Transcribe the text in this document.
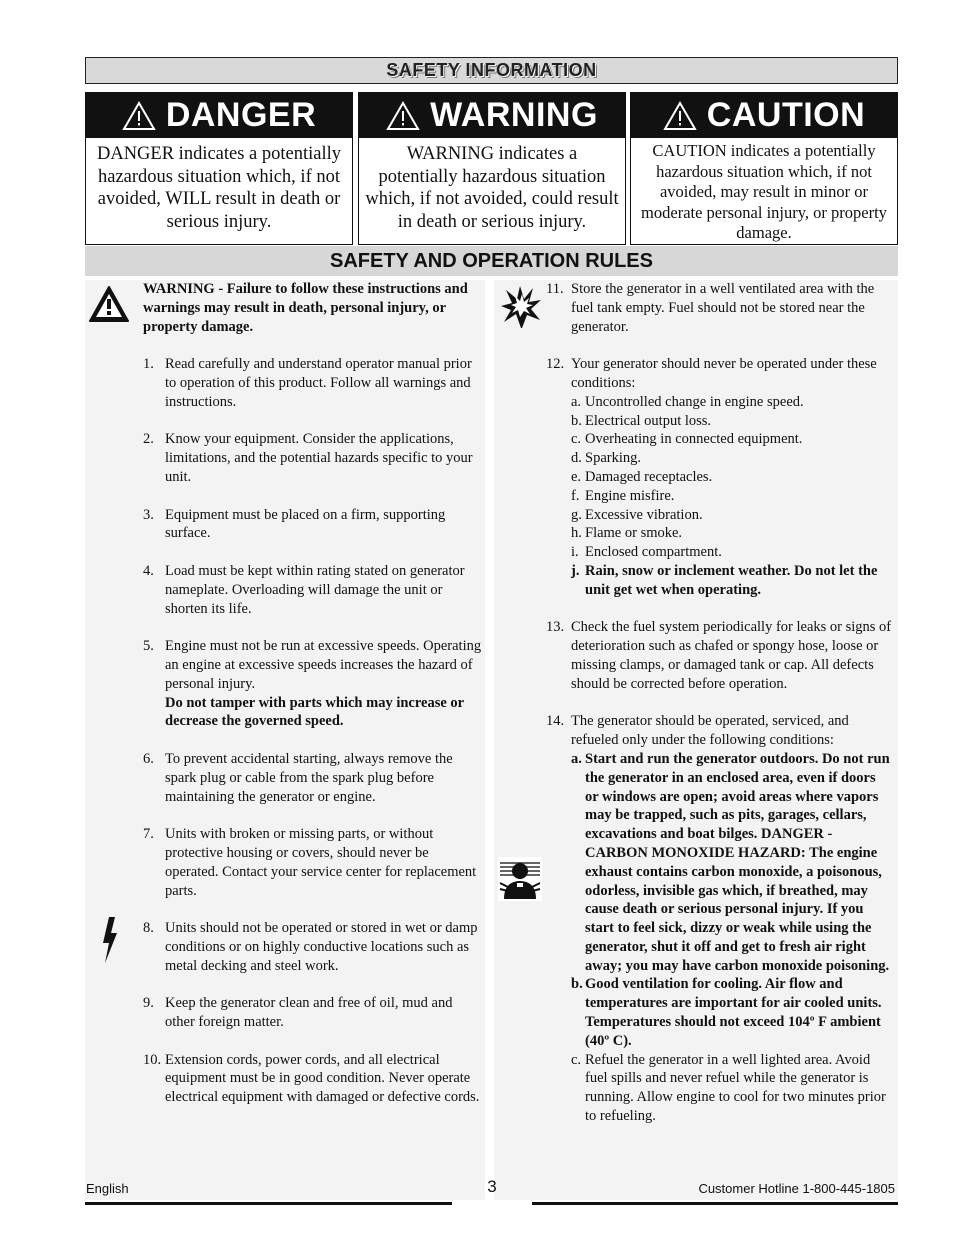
SAFETY INFORMATION
DANGER
DANGER indicates a potentially hazardous situation which, if not avoided, WILL result in death or serious injury.
WARNING
WARNING indicates a potentially hazardous situation which, if not avoided, could result in death or serious injury.
CAUTION
CAUTION indicates a potentially hazardous situation which, if not avoided, may result in minor or moderate personal injury, or property damage.
SAFETY AND OPERATION RULES
WARNING - Failure to follow these instructions and warnings may result in death, personal injury, or property damage.
1. Read carefully and understand operator manual prior to operation of this product. Follow all warnings and instructions.
2. Know your equipment. Consider the applications, limitations, and the potential hazards specific to your unit.
3. Equipment must be placed on a firm, supporting surface.
4. Load must be kept within rating stated on generator nameplate. Overloading will damage the unit or shorten its life.
5. Engine must not be run at excessive speeds. Operating an engine at excessive speeds increases the hazard of personal injury.
Do not tamper with parts which may increase or decrease the governed speed.
6. To prevent accidental starting, always remove the spark plug or cable from the spark plug before maintaining the generator or engine.
7. Units with broken or missing parts, or without protective housing or covers, should never be operated. Contact your service center for replacement parts.
8. Units should not be operated or stored in wet or damp conditions or on highly conductive locations such as metal decking and steel work.
9. Keep the generator clean and free of oil, mud and other foreign matter.
10. Extension cords, power cords, and all electrical equipment must be in good condition. Never operate electrical equipment with damaged or defective cords.
11. Store the generator in a well ventilated area with the fuel tank empty. Fuel should not be stored near the generator.
12. Your generator should never be operated under these conditions:
a. Uncontrolled change in engine speed.
b. Electrical output loss.
c. Overheating in connected equipment.
d. Sparking.
e. Damaged receptacles.
f. Engine misfire.
g. Excessive vibration.
h. Flame or smoke.
i. Enclosed compartment.
j. Rain, snow or inclement weather. Do not let the unit get wet when operating.
13. Check the fuel system periodically for leaks or signs of deterioration such as chafed or spongy hose, loose or missing clamps, or damaged tank or cap. All defects should be corrected before operation.
14. The generator should be operated, serviced, and refueled only under the following conditions:
a. Start and run the generator outdoors. Do not run the generator in an enclosed area, even if doors or windows are open; avoid areas where vapors may be trapped, such as pits, garages, cellars, excavations and boat bilges. DANGER - CARBON MONOXIDE HAZARD: The engine exhaust contains carbon monoxide, a poisonous, odorless, invisible gas which, if breathed, may cause death or serious personal injury. If you start to feel sick, dizzy or weak while using the generator, shut it off and get to fresh air right away; you may have carbon monoxide poisoning.
b. Good ventilation for cooling. Air flow and temperatures are important for air cooled units. Temperatures should not exceed 104º F ambient (40º C).
c. Refuel the generator in a well lighted area. Avoid fuel spills and never refuel while the generator is running. Allow engine to cool for two minutes prior to refueling.
English	3	Customer Hotline 1-800-445-1805
